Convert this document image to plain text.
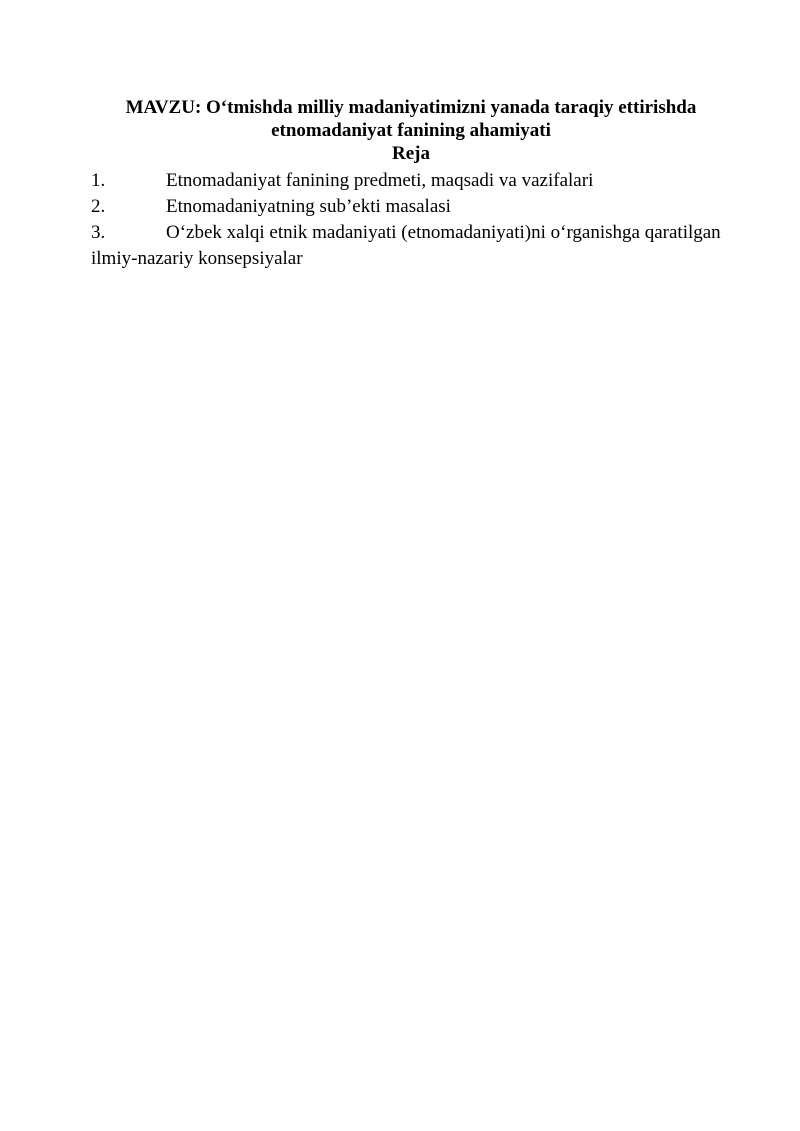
MAVZU: O‘tmishda milliy madaniyatimizni yanada taraqiy ettirishda etnomadaniyat fanining ahamiyati

Reja

1.	Etnomadaniyat fanining predmeti, maqsadi va vazifalari
2.	Etnomadaniyatning sub’ekti masalasi
3.	O‘zbek xalqi etnik madaniyati (etnomadaniyati)ni o‘rganishga qaratilgan ilmiy-nazariy konsepsiyalar
